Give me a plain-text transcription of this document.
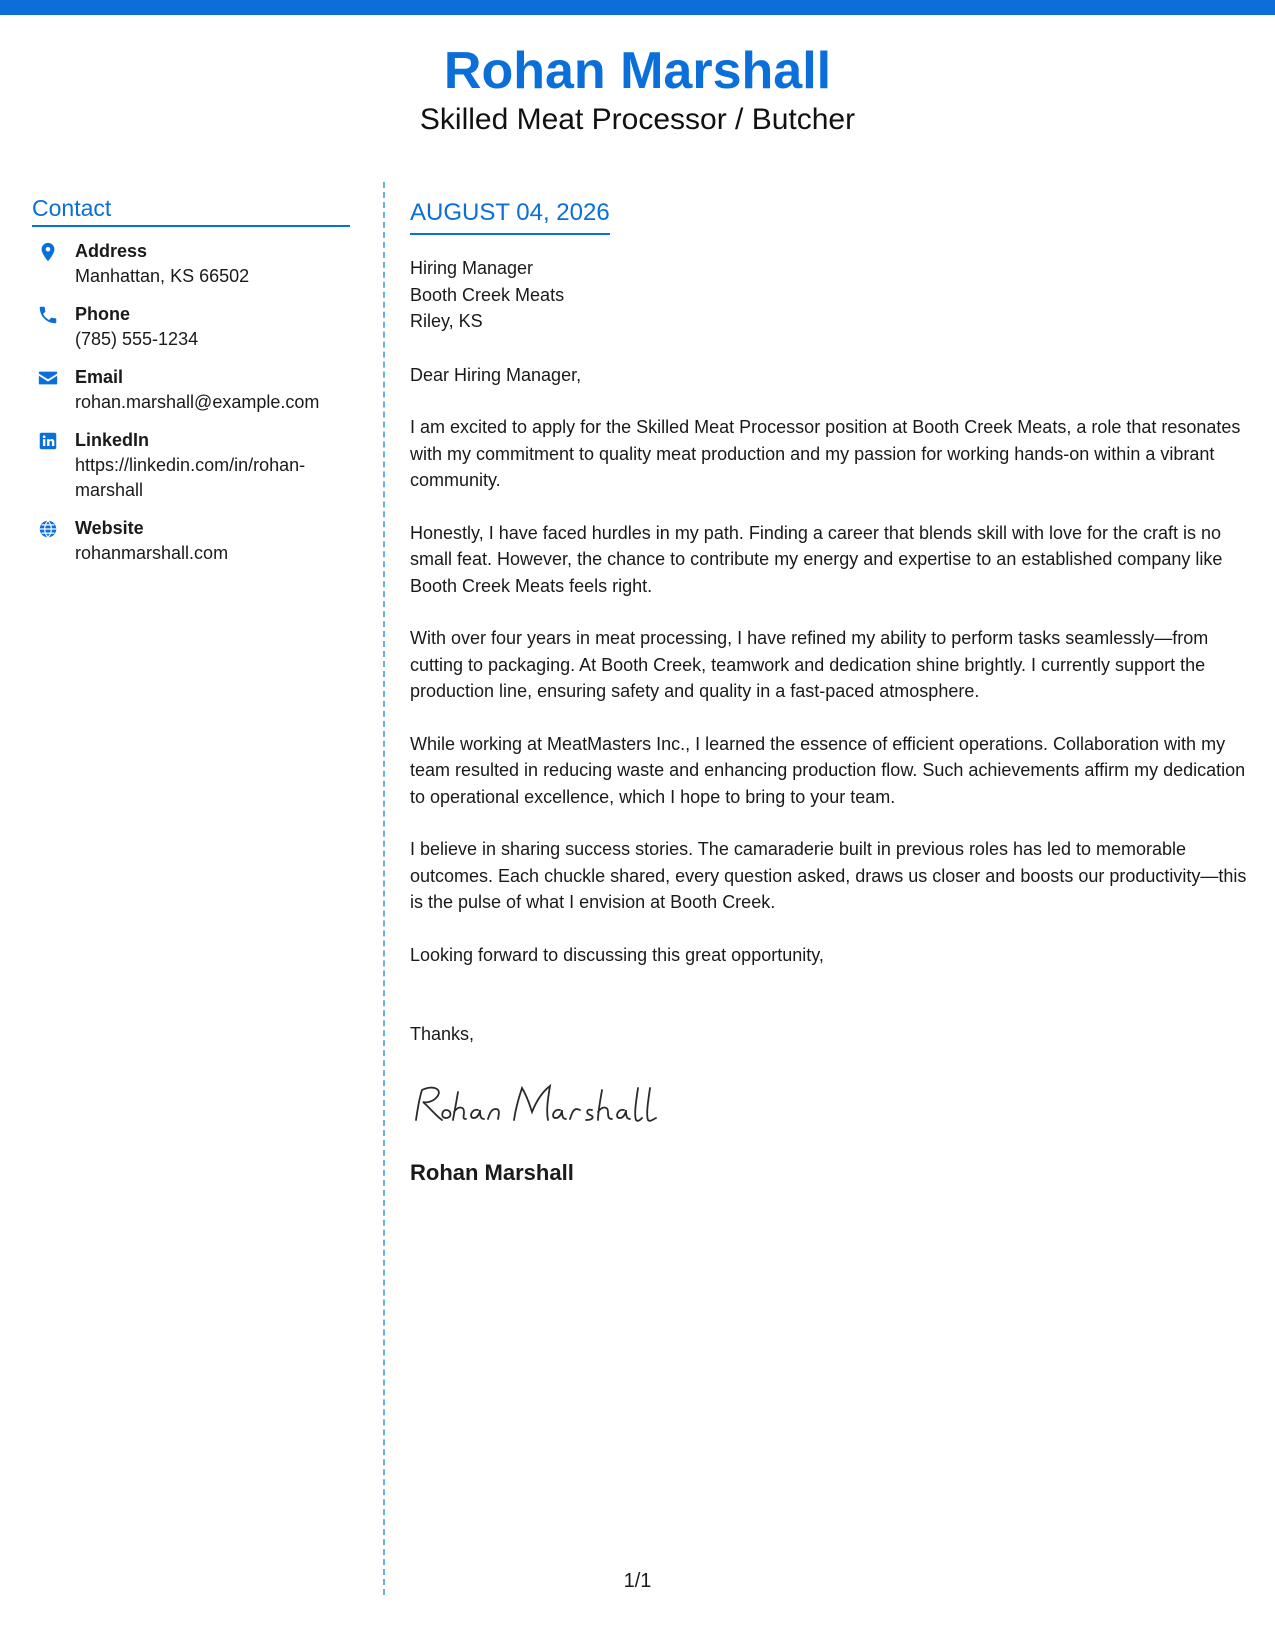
Rohan Marshall
Skilled Meat Processor / Butcher
Contact
Address
Manhattan, KS 66502
Phone
(785) 555-1234
Email
rohan.marshall@example.com
LinkedIn
https://linkedin.com/in/rohan-marshall
Website
rohanmarshall.com
AUGUST 04, 2026
Hiring Manager
Booth Creek Meats
Riley, KS
Dear Hiring Manager,
I am excited to apply for the Skilled Meat Processor position at Booth Creek Meats, a role that resonates with my commitment to quality meat production and my passion for working hands-on within a vibrant community.
Honestly, I have faced hurdles in my path. Finding a career that blends skill with love for the craft is no small feat. However, the chance to contribute my energy and expertise to an established company like Booth Creek Meats feels right.
With over four years in meat processing, I have refined my ability to perform tasks seamlessly—from cutting to packaging. At Booth Creek, teamwork and dedication shine brightly. I currently support the production line, ensuring safety and quality in a fast-paced atmosphere.
While working at MeatMasters Inc., I learned the essence of efficient operations. Collaboration with my team resulted in reducing waste and enhancing production flow. Such achievements affirm my dedication to operational excellence, which I hope to bring to your team.
I believe in sharing success stories. The camaraderie built in previous roles has led to memorable outcomes. Each chuckle shared, every question asked, draws us closer and boosts our productivity—this is the pulse of what I envision at Booth Creek.
Looking forward to discussing this great opportunity,
Thanks,
Rohan Marshall
1/1
